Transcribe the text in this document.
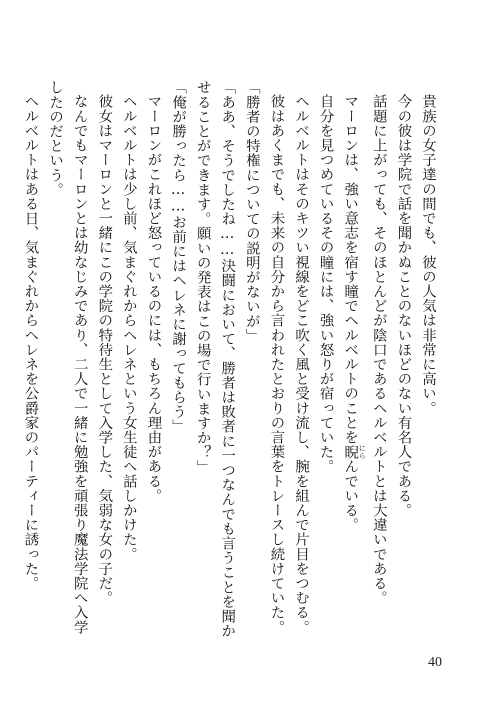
貴族の女子達の間でも、彼の人気は非常に高い。

今の彼は学院で話を聞かぬことのないほどのない有名人である。

話題に上がっても、そのほとんどが陰口であるヘルベルトとは大違いである。

マーロンは、強い意志を宿す瞳でヘルベルトのことを睨 にらんでいる。

自分を見つめているその瞳には、強い怒りが宿っていた。

ヘルベルトはそのキツい視線をどこ吹く風と受け流し、腕を組んで片目をつむる。

彼はあくまでも、未来の自分から言われたとおりの言葉をトレースし続けていた。

「勝者の特権についての説明がないが」

「ああ、そうでしたね……決闘において、勝者は敗者に一つなんでも言うことを聞かせることができます。願いの発表はこの場で行いますか？」

「俺が勝ったら……お前にはヘレネに謝ってもらう」

マーロンがこれほど怒っているのには、もちろん理由がある。

ヘルベルトは少し前、気まぐれからヘレネという女生徒へ話しかけた。

彼女はマーロンと一緒にこの学院の特待生として入学した、気弱な女の子だ。

なんでもマーロンとは幼なじみであり、二人で一緒に勉強を頑張り魔法学院へ入学したのだという。

ヘルベルトはある日、気まぐれからヘレネを公爵家のパーティーに誘った。

40
